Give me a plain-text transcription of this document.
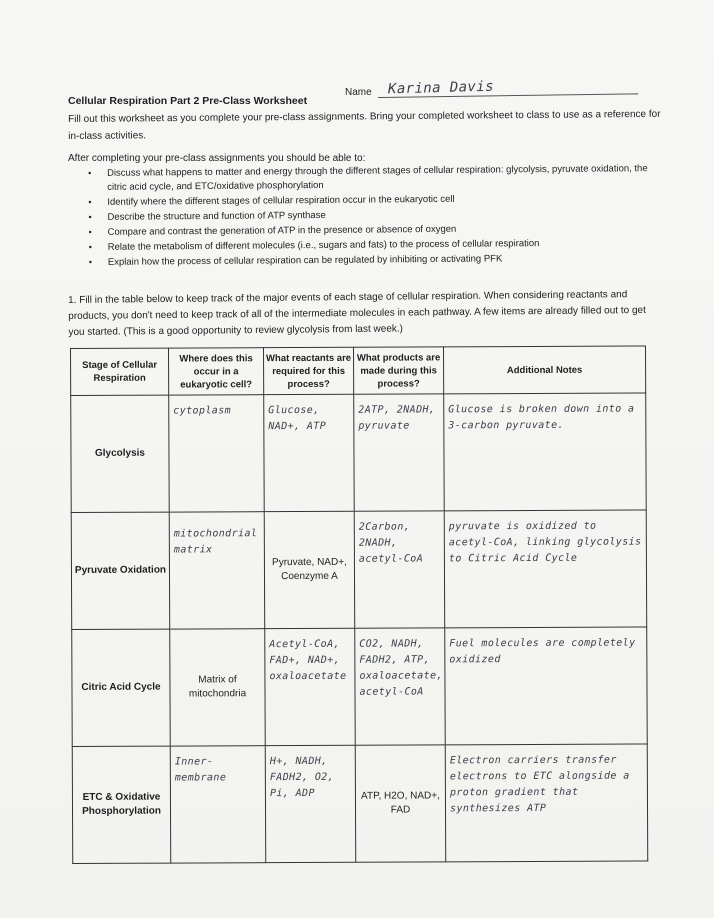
Name Karina Davis
Cellular Respiration Part 2 Pre-Class Worksheet
Fill out this worksheet as you complete your pre-class assignments. Bring your completed worksheet to class to use as a reference for in-class activities.
After completing your pre-class assignments you should be able to:
• Discuss what happens to matter and energy through the different stages of cellular respiration: glycolysis, pyruvate oxidation, the citric acid cycle, and ETC/oxidative phosphorylation
• Identify where the different stages of cellular respiration occur in the eukaryotic cell
• Describe the structure and function of ATP synthase
• Compare and contrast the generation of ATP in the presence or absence of oxygen
• Relate the metabolism of different molecules (i.e., sugars and fats) to the process of cellular respiration
• Explain how the process of cellular respiration can be regulated by inhibiting or activating PFK
1. Fill in the table below to keep track of the major events of each stage of cellular respiration. When considering reactants and products, you don't need to keep track of all of the intermediate molecules in each pathway. A few items are already filled out to get you started. (This is a good opportunity to review glycolysis from last week.)
Stage of Cellular Respiration	Where does this occur in a eukaryotic cell?	What reactants are required for this process?	What products are made during this process?	Additional Notes
Glycolysis	cytoplasm	Glucose, NAD+, ATP	2ATP, 2NADH, pyruvate	Glucose is broken down into a 3-carbon pyruvate.

Pyruvate Oxidation	mitochondrial matrix	Pyruvate, NAD+, Coenzyme A	2Carbon, 2NADH, acetyl-CoA	pyruvate is oxidized to acetyl-CoA, linking glycolysis to Citric Acid Cycle

Citric Acid Cycle	Matrix of mitochondria	Acetyl-CoA, FAD+, NAD+, oxaloacetate	CO2, NADH, FADH2, ATP, oxaloacetate, acetyl-CoA	Fuel molecules are completely oxidized

ETC & Oxidative Phosphorylation	Inner-membrane	H+, NADH, FADH2, O2, Pi, ADP	ATP, H2O, NAD+, FAD	Electron carriers transfer electrons to ETC alongside a proton gradient that synthesizes ATP
